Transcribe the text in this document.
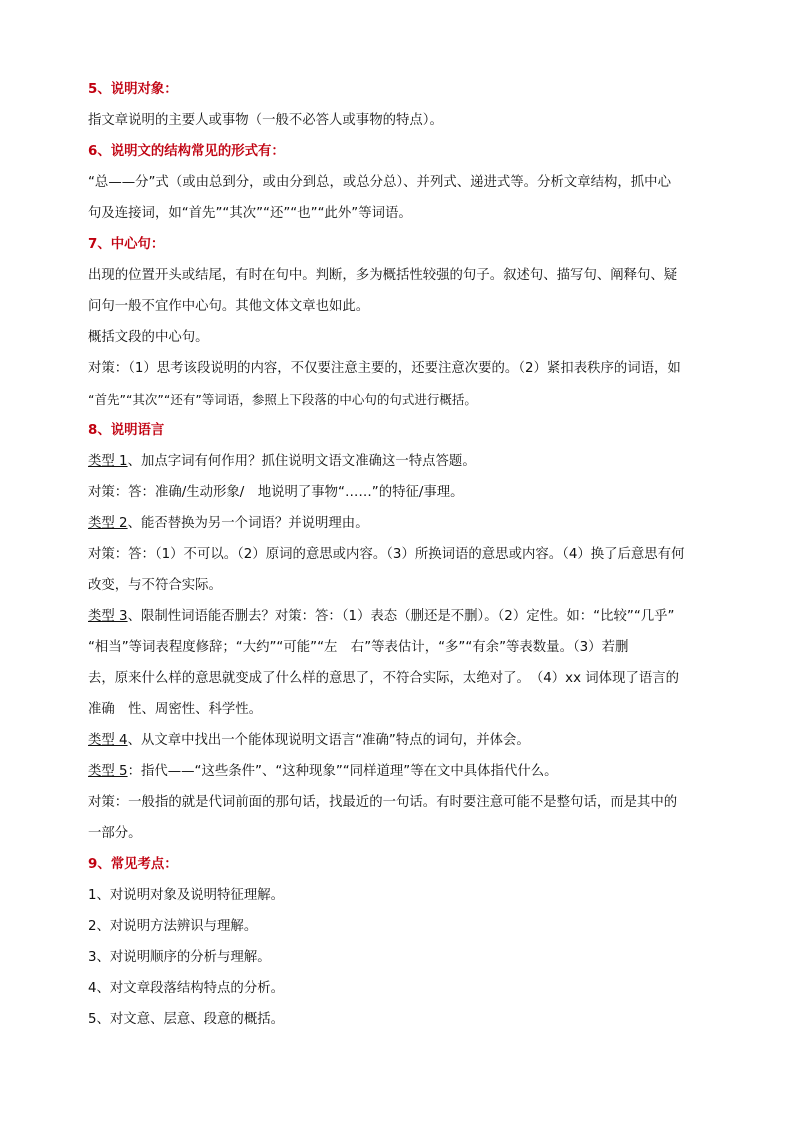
5、说明对象：
指文章说明的主要人或事物（一般不必答人或事物的特点）。
6、说明文的结构常见的形式有：
“总——分”式（或由总到分，或由分到总，或总分总）、并列式、递进式等。分析文章结构，抓中心
句及连接词，如“首先”“其次”“还”“也”“此外”等词语。
7、中心句：
出现的位置开头或结尾，有时在句中。判断，多为概括性较强的句子。叙述句、描写句、阐释句、疑
问句一般不宜作中心句。其他文体文章也如此。
概括文段的中心句。
对策：（1）思考该段说明的内容，不仅要注意主要的，还要注意次要的。（2）紧扣表秩序的词语，如
“首先”“其次”“还有”等词语，参照上下段落的中心句的句式进行概括。
8、说明语言
类型 1、加点字词有何作用？抓住说明文语文准确这一特点答题。
对策：答：准确/生动形象/　地说明了事物“……”的特征/事理。
类型 2、能否替换为另一个词语？并说明理由。
对策：答：（1）不可以。（2）原词的意思或内容。（3）所换词语的意思或内容。（4）换了后意思有何
改变，与不符合实际。
类型 3、限制性词语能否删去？对策：答：（1）表态（删还是不删）。（2）定性。如：“比较”“几乎”
“相当”等词表程度修辞；“大约”“可能”“左　右”等表估计，“多”“有余”等表数量。（3）若删
去，原来什么样的意思就变成了什么样的意思了，不符合实际，太绝对了。　（4）xx 词体现了语言的
准确　性、周密性、科学性。
类型 4、从文章中找出一个能体现说明文语言“准确”特点的词句，并体会。
类型 5：指代——“这些条件”、“这种现象”“同样道理”等在文中具体指代什么。
对策：一般指的就是代词前面的那句话，找最近的一句话。有时要注意可能不是整句话，而是其中的
一部分。
9、常见考点：
1、对说明对象及说明特征理解。
2、对说明方法辨识与理解。
3、对说明顺序的分析与理解。
4、对文章段落结构特点的分析。
5、对文意、层意、段意的概括。
